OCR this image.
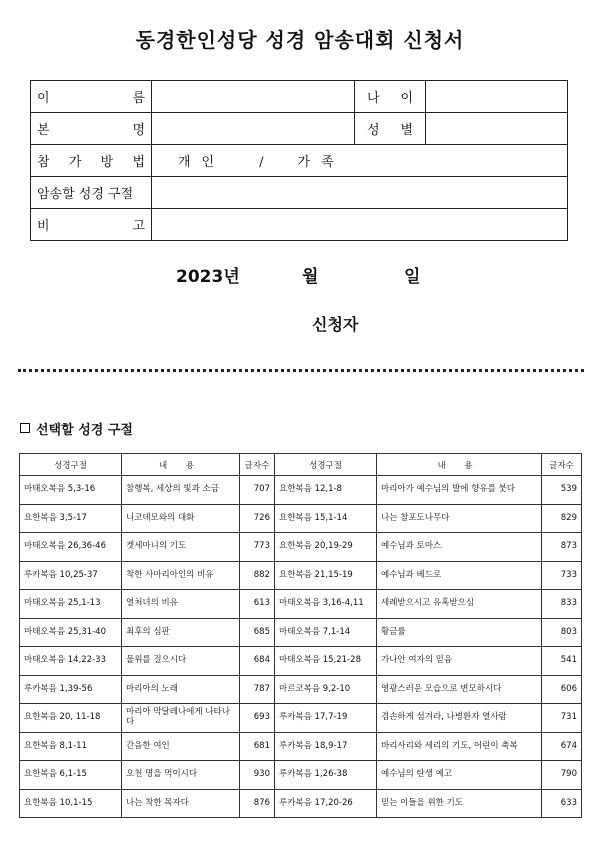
동경한인성당 성경 암송대회 신청서
이 름		나 이	

본 명		성 별	

참 가 방 법	개인 / 가족		
암송할 성경 구절			

비 고			

2023년	월	일
신청자
선택할 성경 구절
성경구절	내 용	글자수	성경구절	내 용	글자수
마태오복음 5,3-16	참행복, 세상의 빛과 소금	707	요한복음 12,1-8	마리아가 예수님의 발에 향유를 붓다	539
요한복음 3,5-17	니코데모와의 대화	726	요한복음 15,1-14	나는 참포도나무다	829
마태오복음 26,36-46	겟세마니의 기도	773	요한복음 20,19-29	예수님과 토마스	873
루카복음 10,25-37	착한 사마리아인의 비유	882	요한복음 21,15-19	예수님과 베드로	733
마태오복음 25,1-13	열처녀의 비유	613	마태오복음 3,16-4,11	세례받으시고 유혹받으심	833
마태오복음 25,31-40	최후의 심판	685	마태오복음 7,1-14	황금률	803
마태오복음 14,22-33	물위를 걸으시다	684	마태오복음 15,21-28	가나안 여자의 믿음	541
루카복음 1,39-56	마리아의 노래	787	마르코복음 9,2-10	영광스러운 모습으로 변모하시다	606
요한복음 20, 11-18	마리아 막달레나에게 나타나다	693	루카복음 17,7-19	겸손하게 섬겨라, 나병환자 열사람	731
요한복음 8,1-11	간음한 여인	681	루카복음 18,9-17	바리사리와 세리의 기도, 어린이 축복	674
요한복음 6,1-15	오천 명을 먹이시다	930	루카복음 1,26-38	예수님의 탄생 예고	790
요한복음 10,1-15	나는 착한 목자다	876	루카복음 17,20-26	믿는 이들을 위한 기도	633
